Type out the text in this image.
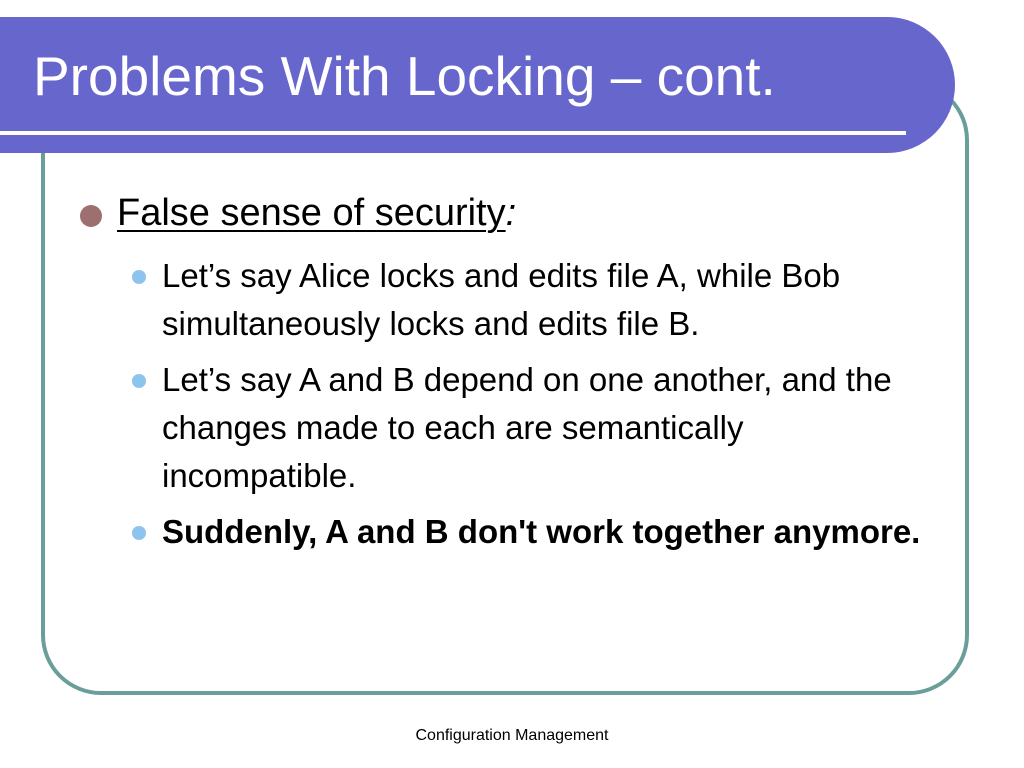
Problems With Locking – cont.
False sense of security:
Let’s say Alice locks and edits file A, while Bob simultaneously locks and edits file B.
Let’s say A and B depend on one another, and the changes made to each are semantically incompatible.
Suddenly, A and B don't work together anymore.
Configuration Management
